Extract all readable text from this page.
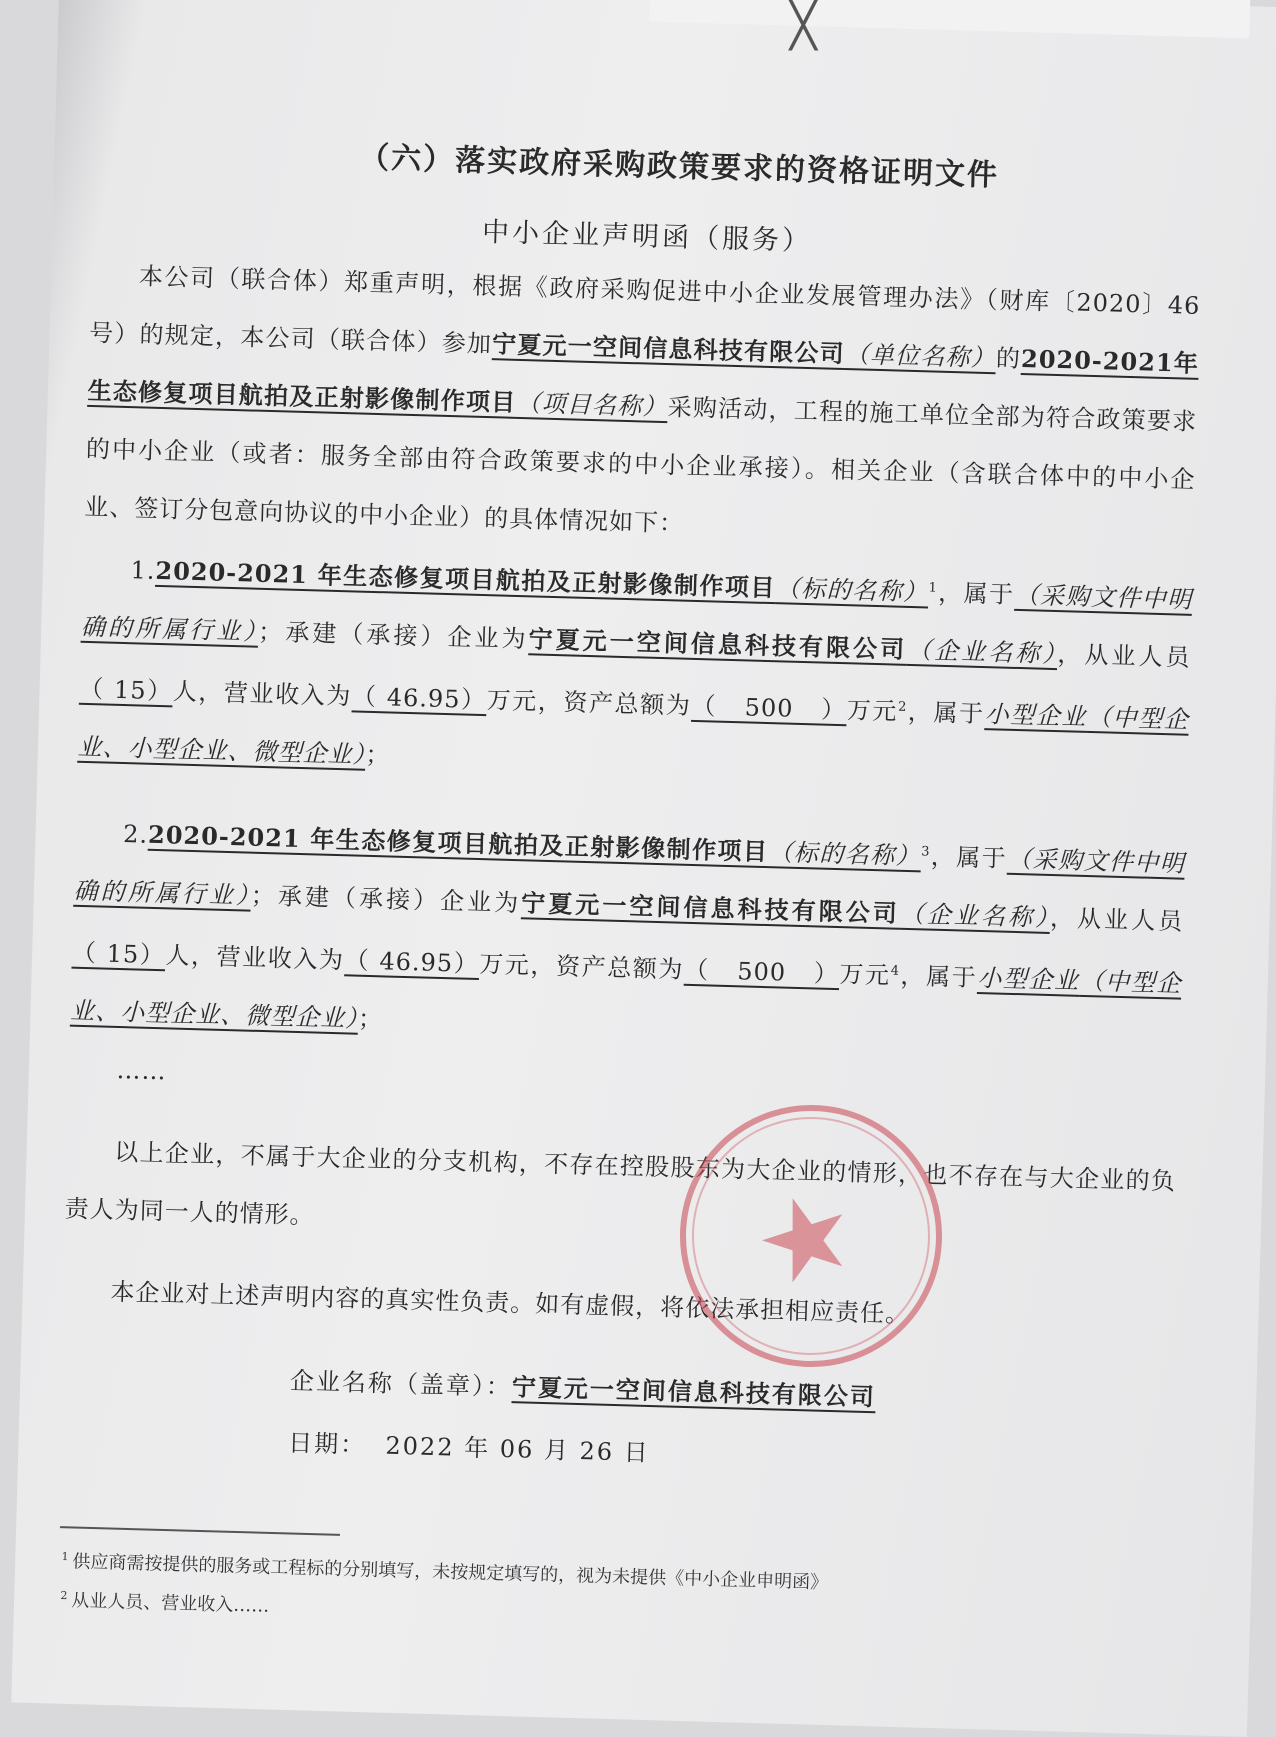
╳
（六）落实政府采购政策要求的资格证明文件
中小企业声明函（服务）

本公司（联合体）郑重声明，根据《政府采购促进中小企业发展管理办法》（财库〔2020〕46号）的规定，本公司（联合体）参加宁夏元一空间信息科技有限公司（单位名称）的2020-2021年生态修复项目航拍及正射影像制作项目（项目名称）采购活动，工程的施工单位全部为符合政策要求的中小企业（或者：服务全部由符合政策要求的中小企业承接）。相关企业（含联合体中的中小企业、签订分包意向协议的中小企业）的具体情况如下：

1.2020-2021 年生态修复项目航拍及正射影像制作项目（标的名称）$^1$，属于（采购文件中明确的所属行业）；承建（承接）企业为宁夏元一空间信息科技有限公司（企业名称），从业人员（ 15）人，营业收入为（ 46.95）万元，资产总额为（   500   ）万元$^2$，属于小型企业（中型企业、小型企业、微型企业）；

2.2020-2021 年生态修复项目航拍及正射影像制作项目（标的名称）$^3$，属于（采购文件中明确的所属行业）；承建（承接）企业为宁夏元一空间信息科技有限公司（企业名称），从业人员（ 15）人，营业收入为（ 46.95）万元，资产总额为（   500   ）万元$^4$，属于小型企业（中型企业、小型企业、微型企业）；

……

以上企业，不属于大企业的分支机构，不存在控股股东为大企业的情形，也不存在与大企业的负责人为同一人的情形。

本企业对上述声明内容的真实性负责。如有虚假，将依法承担相应责任。

企业名称（盖章）：宁夏元一空间信息科技有限公司
日期： 2022 年 06 月 26 日
★
$^1$ 供应商需按提供的服务或工程标的分别填写，未按规定填写的，视为未提供《中小企业申明函》
$^2$ 从业人员、营业收入……
